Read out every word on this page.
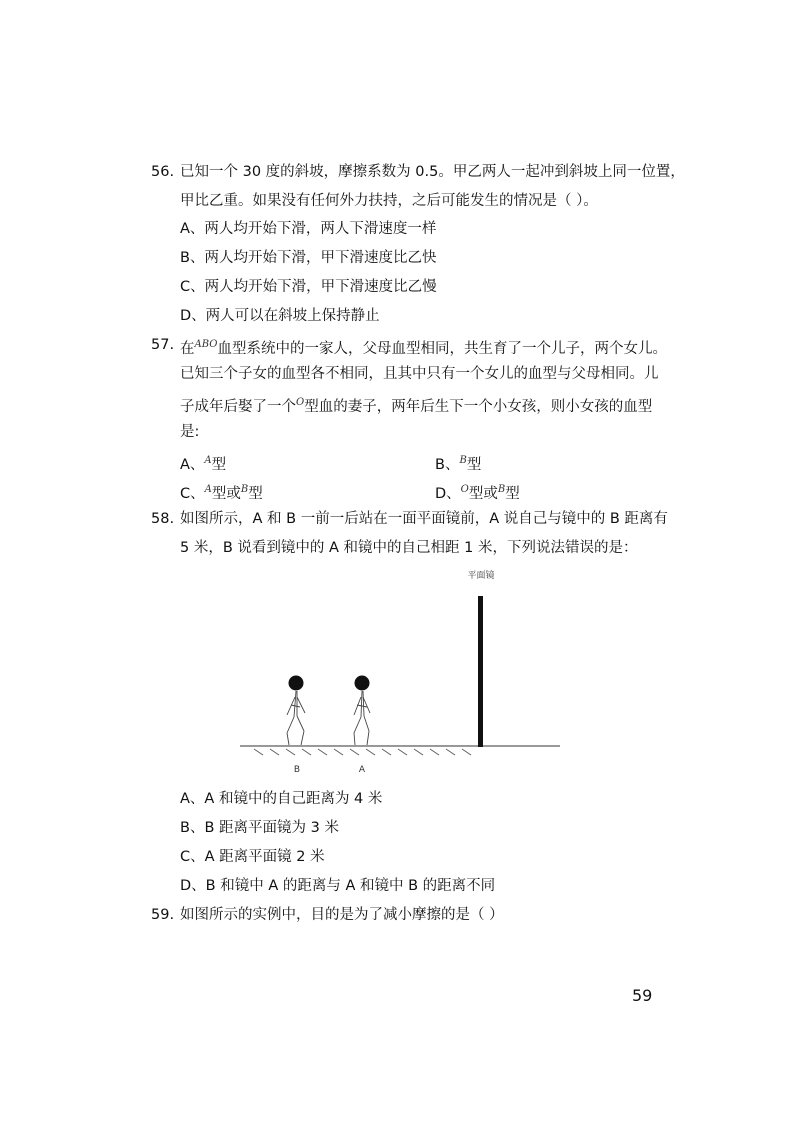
56. 已知一个 30 度的斜坡，摩擦系数为 0.5。甲乙两人一起冲到斜坡上同一位置，
甲比乙重。如果没有任何外力扶持，之后可能发生的情况是（ ）。
A、两人均开始下滑，两人下滑速度一样
B、两人均开始下滑，甲下滑速度比乙快
C、两人均开始下滑，甲下滑速度比乙慢
D、两人可以在斜坡上保持静止
57. 在$^{ABO}$血型系统中的一家人，父母血型相同，共生育了一个儿子，两个女儿。
已知三个子女的血型各不相同，且其中只有一个女儿的血型与父母相同。儿
子成年后娶了一个$^O$型血的妻子，两年后生下一个小女孩，则小女孩的血型
是:
A、$^A$型	B、$^B$型
C、$^A$型或$^B$型	D、$^O$型或$^B$型
58. 如图所示，A 和 B 一前一后站在一面平面镜前，A 说自己与镜中的 B 距离有
5 米，B 说看到镜中的 A 和镜中的自己相距 1 米，下列说法错误的是：
平面镜
B	A
A、A 和镜中的自己距离为 4 米
B、B 距离平面镜为 3 米
C、A 距离平面镜 2 米
D、B 和镜中 A 的距离与 A 和镜中 B 的距离不同
59. 如图所示的实例中，目的是为了减小摩擦的是（ ）
59
